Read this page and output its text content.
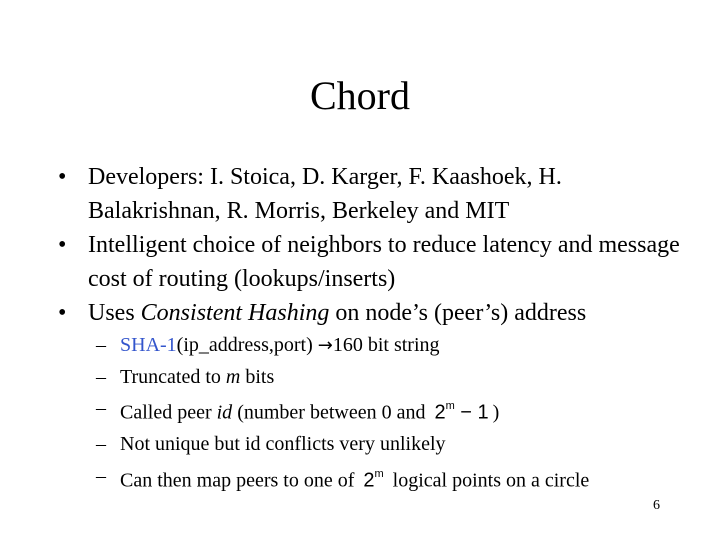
Chord

• Developers: I. Stoica, D. Karger, F. Kaashoek, H. Balakrishnan, R. Morris, Berkeley and MIT

• Intelligent choice of neighbors to reduce latency and message cost of routing (lookups/inserts)

• Uses Consistent Hashing on node’s (peer’s) address

– SHA-1(ip_address,port) →160 bit string
– Truncated to m bits
– Called peer id (number between 0 and $2^m - 1$ )
– Not unique but id conflicts very unlikely
– Can then map peers to one of 2$^m$ logical points on a circle
6
